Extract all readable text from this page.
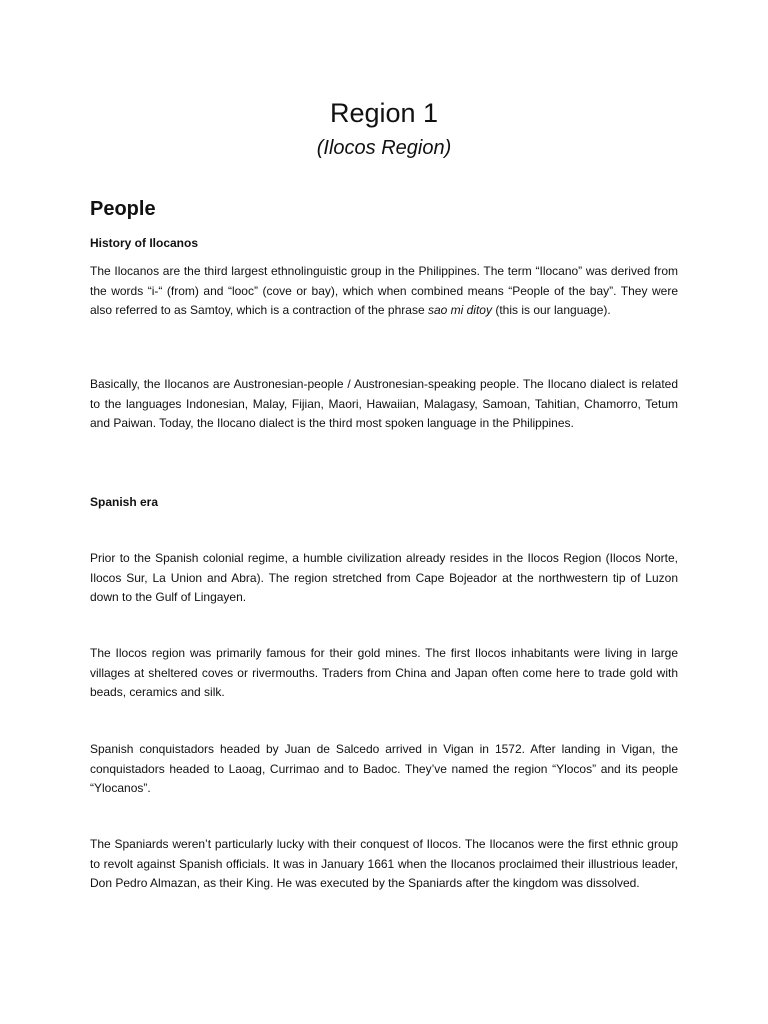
Region 1
(Ilocos Region)
People
History of Ilocanos

The Ilocanos are the third largest ethnolinguistic group in the Philippines. The term “Ilocano” was derived from the words “i-“ (from) and “looc” (cove or bay), which when combined means “People of the bay”. They were also referred to as Samtoy, which is a contraction of the phrase sao mi ditoy (this is our language).

Basically, the Ilocanos are Austronesian-people / Austronesian-speaking people. The Ilocano dialect is related to the languages Indonesian, Malay, Fijian, Maori, Hawaiian, Malagasy, Samoan, Tahitian, Chamorro, Tetum and Paiwan. Today, the Ilocano dialect is the third most spoken language in the Philippines.

Spanish era

Prior to the Spanish colonial regime, a humble civilization already resides in the Ilocos Region (Ilocos Norte, Ilocos Sur, La Union and Abra). The region stretched from Cape Bojeador at the northwestern tip of Luzon down to the Gulf of Lingayen.

The Ilocos region was primarily famous for their gold mines. The first Ilocos inhabitants were living in large villages at sheltered coves or rivermouths. Traders from China and Japan often come here to trade gold with beads, ceramics and silk.

Spanish conquistadors headed by Juan de Salcedo arrived in Vigan in 1572. After landing in Vigan, the conquistadors headed to Laoag, Currimao and to Badoc. They’ve named the region “Ylocos” and its people “Ylocanos”.

The Spaniards weren’t particularly lucky with their conquest of Ilocos. The Ilocanos were the first ethnic group to revolt against Spanish officials. It was in January 1661 when the Ilocanos proclaimed their illustrious leader, Don Pedro Almazan, as their King. He was executed by the Spaniards after the kingdom was dissolved.
